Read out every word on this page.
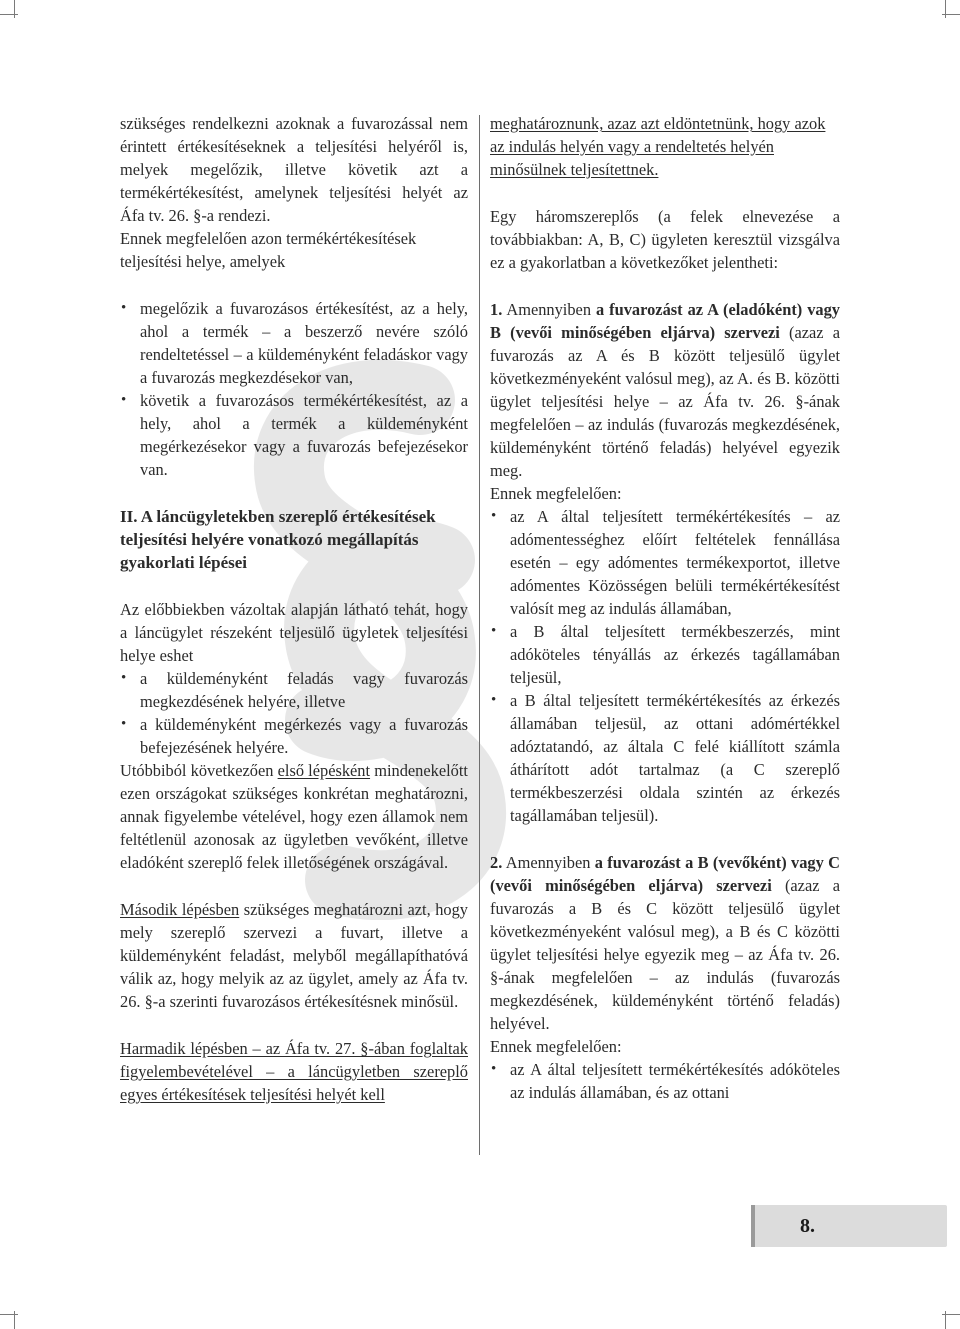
szükséges rendelkezni azoknak a fuvarozással nem érintett értékesítéseknek a teljesítési helyéről is, melyek megelőzik, illetve követik azt a termékértékesítést, amelynek teljesítési helyét az Áfa tv. 26. §-a rendezi.

Ennek megfelelően azon termékértékesítések teljesítési helye, amelyek

• megelőzik a fuvarozásos értékesítést, az a hely, ahol a termék – a beszerző nevére szóló rendeltetéssel – a küldeményként feladáskor vagy a fuvarozás megkezdésekor van,
• követik a fuvarozásos termékértékesítést, az a hely, ahol a termék a küldeményként megérkezésekor vagy a fuvarozás befejezésekor van.

II. A láncügyletekben szereplő értékesítések teljesítési helyére vonatkozó megállapítás gyakorlati lépései

Az előbbiekben vázoltak alapján látható tehát, hogy a láncügylet részeként teljesülő ügyletek teljesítési helye eshet

• a küldeményként feladás vagy fuvarozás megkezdésének helyére, illetve
• a küldeményként megérkezés vagy a fuvarozás befejezésének helyére.

Utóbbiból következően első lépésként mindenekelőtt ezen országokat szükséges konkrétan meghatározni, annak figyelembe vételével, hogy ezen államok nem feltétlenül azonosak az ügyletben vevőként, illetve eladóként szereplő felek illetőségének országával.

Második lépésben szükséges meghatározni azt, hogy mely szereplő szervezi a fuvart, illetve a küldeményként feladást, melyből megállapíthatóvá válik az, hogy melyik az az ügylet, amely az Áfa tv. 26. §-a szerinti fuvarozásos értékesítésnek minősül.

Harmadik lépésben – az Áfa tv. 27. §-ában foglaltak figyelembevételével – a láncügyletben szereplő egyes értékesítések teljesítési helyét kell

meghatároznunk, azaz azt eldöntetnünk, hogy azok az indulás helyén vagy a rendeltetés helyén minősülnek teljesítettnek.

Egy háromszereplős (a felek elnevezése a továbbiakban: A, B, C) ügyleten keresztül vizsgálva ez a gyakorlatban a következőket jelentheti:

1. Amennyiben a fuvarozást az A (eladóként) vagy B (vevői minőségében eljárva) szervezi (azaz a fuvarozás az A és B között teljesülő ügylet következményeként valósul meg), az A. és B. közötti ügylet teljesítési helye – az Áfa tv. 26. §-ának megfelelően – az indulás (fuvarozás megkezdésének, küldeményként történő feladás) helyével egyezik meg.

Ennek megfelelően:

• az A által teljesített termékértékesítés – az adómentességhez előírt feltételek fennállása esetén – egy adómentes termékexportot, illetve adómentes Közösségen belüli termékértékesítést valósít meg az indulás államában,
• a B által teljesített termékbeszerzés, mint adóköteles tényállás az érkezés tagállamában teljesül,
• a B által teljesített termékértékesítés az érkezés államában teljesül, az ottani adómértékkel adóztatandó, az általa C felé kiállított számla áthárított adót tartalmaz (a C szereplő termékbeszerzési oldala szintén az érkezés tagállamában teljesül).

2. Amennyiben a fuvarozást a B (vevőként) vagy C (vevői minőségében eljárva) szervezi (azaz a fuvarozás a B és C között teljesülő ügylet következményeként valósul meg), a B és C közötti ügylet teljesítési helye egyezik meg – az Áfa tv. 26. §-ának megfelelően – az indulás (fuvarozás megkezdésének, küldeményként történő feladás) helyével.

Ennek megfelelően:

• az A által teljesített termékértékesítés adóköteles az indulás államában, és az ottani
8.
